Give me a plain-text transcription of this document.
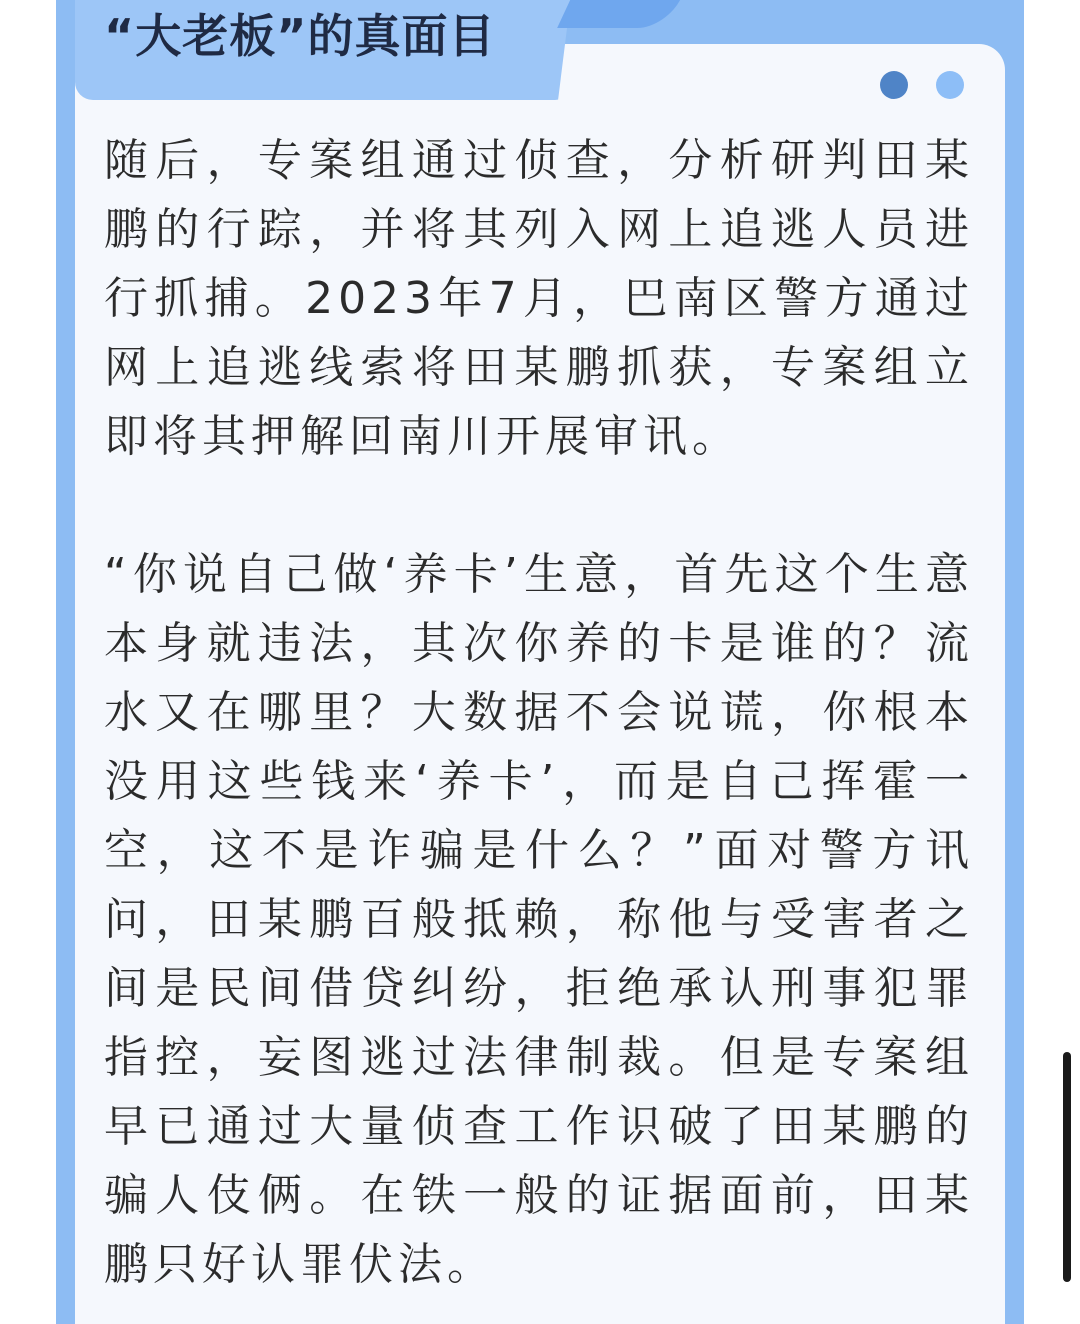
“大老板”的真面目

随后，专案组通过侦查，分析研判田某鹏的行踪，并将其列入网上追逃人员进行抓捕。2023年7月，巴南区警方通过网上追逃线索将田某鹏抓获，专案组立即将其押解回南川开展审讯。

“你说自己做‘养卡’生意，首先这个生意本身就违法，其次你养的卡是谁的？流水又在哪里？大数据不会说谎，你根本没用这些钱来‘养卡’，而是自己挥霍一空，这不是诈骗是什么？”面对警方讯问，田某鹏百般抵赖，称他与受害者之间是民间借贷纠纷，拒绝承认刑事犯罪指控，妄图逃过法律制裁。但是专案组早已通过大量侦查工作识破了田某鹏的骗人伎俩。在铁一般的证据面前，田某鹏只好认罪伏法。
